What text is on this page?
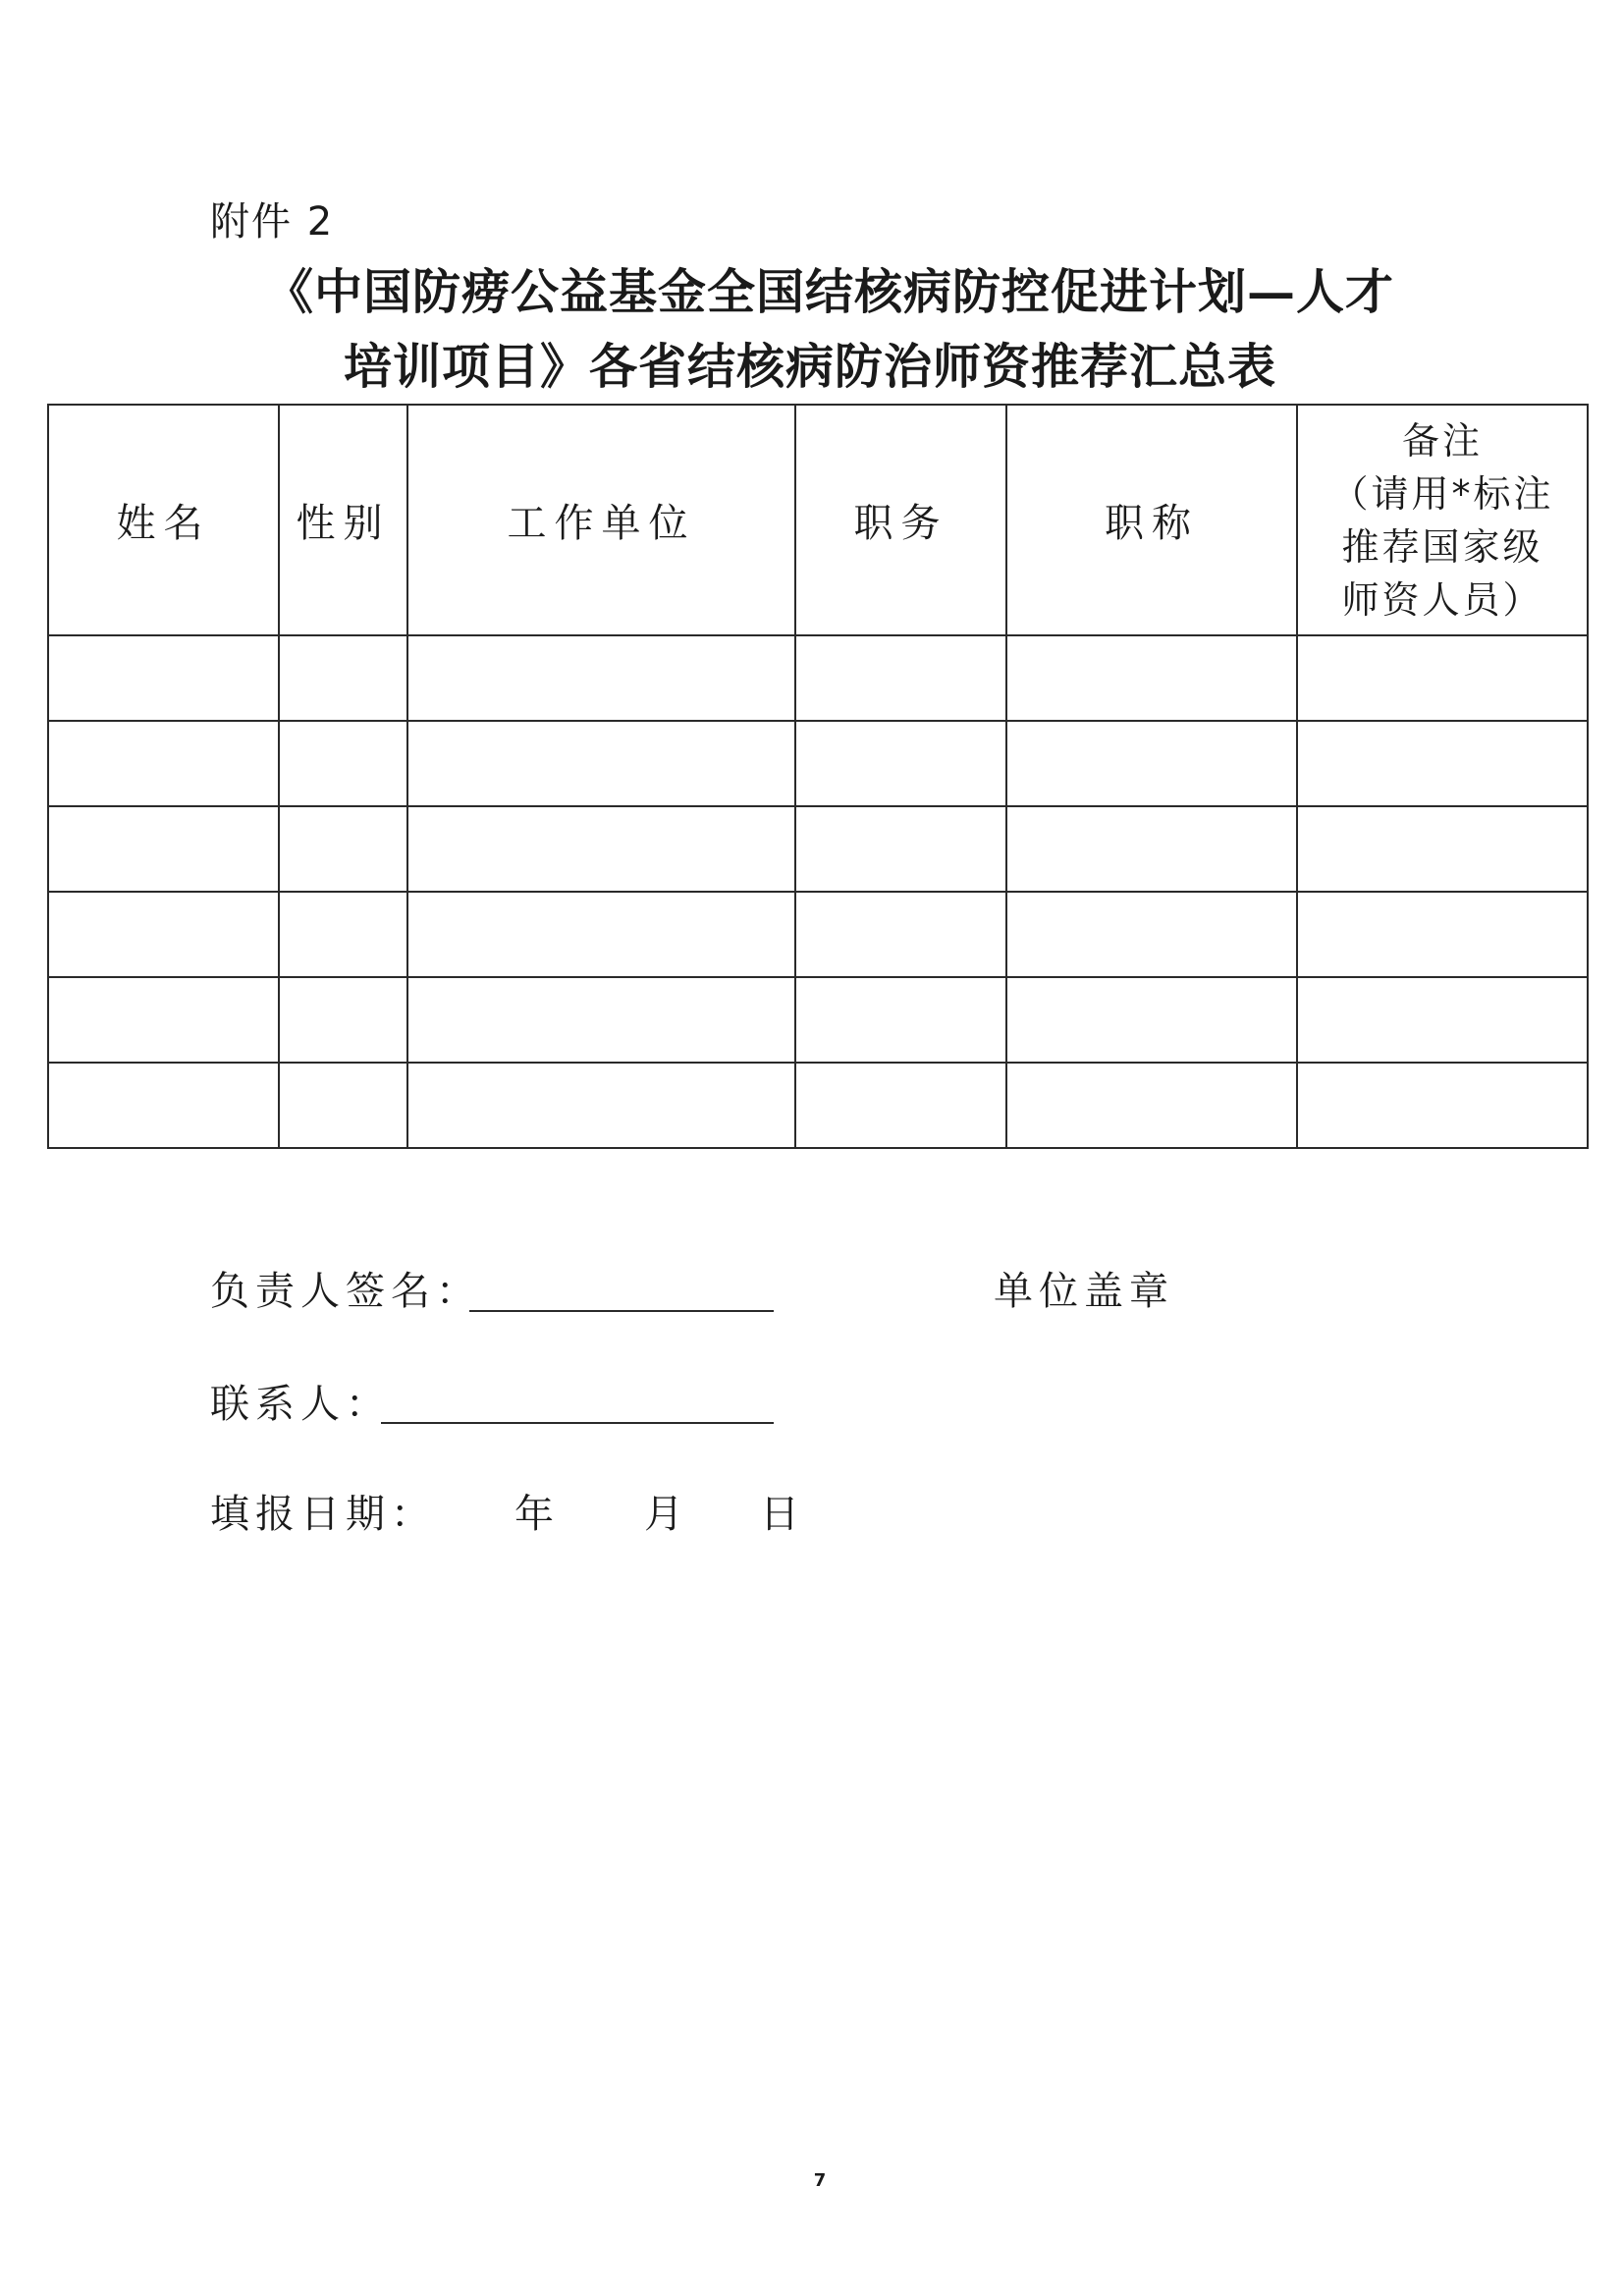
附件 2
《中国防痨公益基金全国结核病防控促进计划—人才
培训项目》各省结核病防治师资推荐汇总表
姓名	性别	工作单位	职务	职称	备注
（请用*标注
推荐国家级
师资人员）

负责人签名：	单位盖章
联系人：
填报日期： 年 月 日
7
